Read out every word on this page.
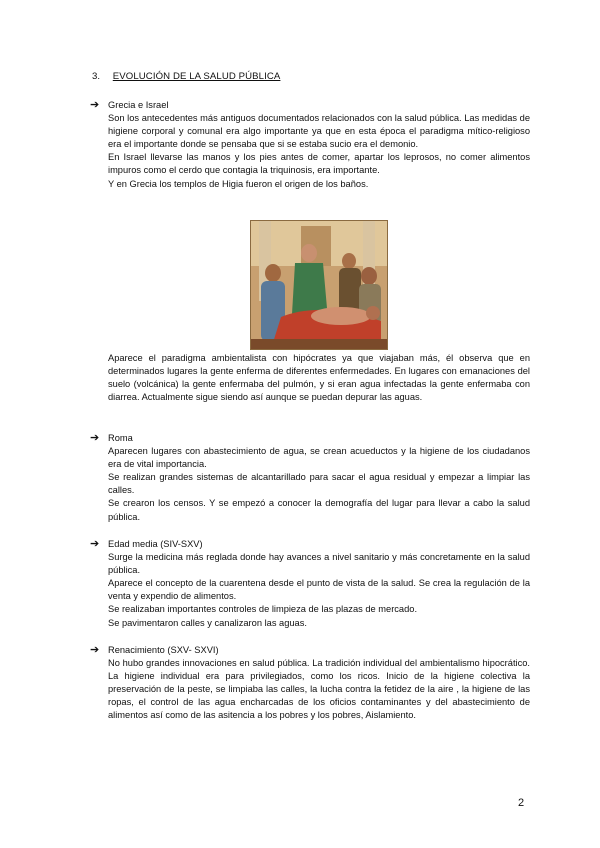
3. EVOLUCIÓN DE LA SALUD PÚBLICA
➔ Grecia e Israel

Son los antecedentes más antiguos documentados relacionados con la salud pública. Las medidas de higiene corporal y comunal era algo importante ya que en esta época el paradigma mítico-religioso era el importante donde se pensaba que si se estaba sucio era el demonio.

En Israel llevarse las manos y los pies antes de comer, apartar los leprosos, no comer alimentos impuros como el cerdo que contagia la triquinosis, era importante.

Y en Grecia los templos de Higia fueron el origen de los baños.

Aparece el paradigma ambientalista con hipócrates ya que viajaban más, él observa que en determinados lugares la gente enferma de diferentes enfermedades. En lugares con emanaciones del suelo (volcánica) la gente enfermaba del pulmón, y si eran agua infectadas la gente enfermaba con diarrea. Actualmente sigue siendo así aunque se puedan depurar las aguas.

➔ Roma

Aparecen lugares con abastecimiento de agua, se crean acueductos y la higiene de los ciudadanos era de vital importancia.

Se realizan grandes sistemas de alcantarillado para sacar el agua residual y empezar a limpiar las calles.

Se crearon los censos. Y se empezó a conocer la demografía del lugar para llevar a cabo la salud pública.

➔ Edad media (SIV-SXV)

Surge la medicina más reglada donde hay avances a nivel sanitario y más concretamente en la salud pública.

Aparece el concepto de la cuarentena desde el punto de vista de la salud. Se crea la regulación de la venta y expendio de alimentos.

Se realizaban importantes controles de limpieza de las plazas de mercado.

Se pavimentaron calles y canalizaron las aguas.

➔ Renacimiento (SXV- SXVI)

No hubo grandes innovaciones en salud pública. La tradición individual del ambientalismo hipocrático. La higiene individual era para privilegiados, como los ricos. Inicio de la higiene colectiva la preservación de la peste, se limpiaba las calles, la lucha contra la fetidez de la aire , la higiene de las ropas, el control de las agua encharcadas de los oficios contaminantes y del abastecimiento de alimentos así como de las asitencia a los pobres y los pobres, Aislamiento.

2
